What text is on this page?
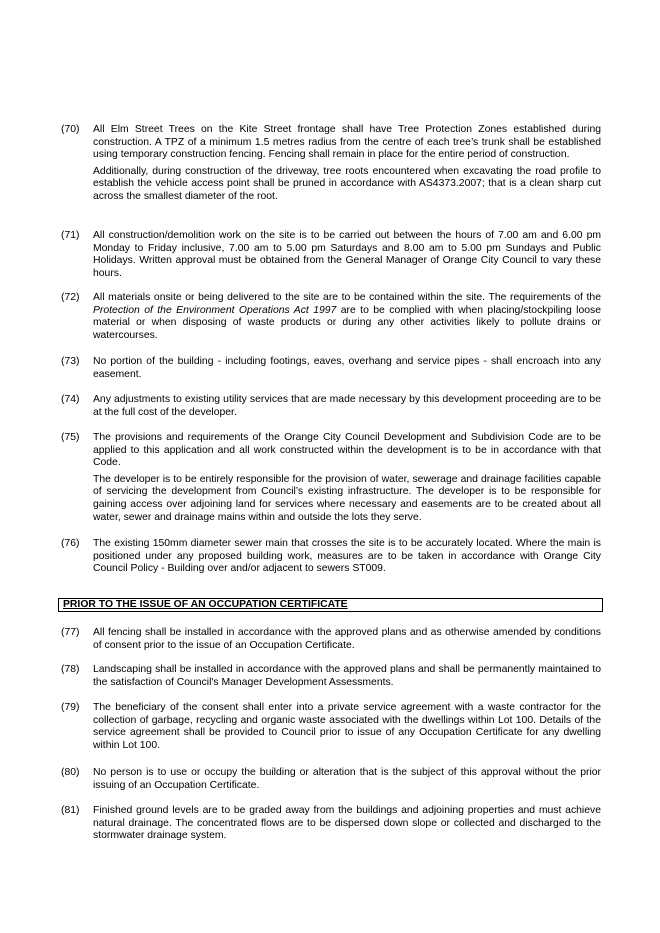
(70)	All Elm Street Trees on the Kite Street frontage shall have Tree Protection Zones established during construction. A TPZ of a minimum 1.5 metres radius from the centre of each tree’s trunk shall be established using temporary construction fencing. Fencing shall remain in place for the entire period of construction.

Additionally, during construction of the driveway, tree roots encountered when excavating the road profile to establish the vehicle access point shall be pruned in accordance with AS4373.2007; that is a clean sharp cut across the smallest diameter of the root.

(71)	All construction/demolition work on the site is to be carried out between the hours of 7.00 am and 6.00 pm Monday to Friday inclusive, 7.00 am to 5.00 pm Saturdays and 8.00 am to 5.00 pm Sundays and Public Holidays. Written approval must be obtained from the General Manager of Orange City Council to vary these hours.

(72)	All materials onsite or being delivered to the site are to be contained within the site. The requirements of the Protection of the Environment Operations Act 1997 are to be complied with when placing/stockpiling loose material or when disposing of waste products or during any other activities likely to pollute drains or watercourses.

(73)	No portion of the building - including footings, eaves, overhang and service pipes - shall encroach into any easement.

(74)	Any adjustments to existing utility services that are made necessary by this development proceeding are to be at the full cost of the developer.

(75)	The provisions and requirements of the Orange City Council Development and Subdivision Code are to be applied to this application and all work constructed within the development is to be in accordance with that Code.

The developer is to be entirely responsible for the provision of water, sewerage and drainage facilities capable of servicing the development from Council’s existing infrastructure. The developer is to be responsible for gaining access over adjoining land for services where necessary and easements are to be created about all water, sewer and drainage mains within and outside the lots they serve.

(76)	The existing 150mm diameter sewer main that crosses the site is to be accurately located. Where the main is positioned under any proposed building work, measures are to be taken in accordance with Orange City Council Policy - Building over and/or adjacent to sewers ST009.

PRIOR TO THE ISSUE OF AN OCCUPATION CERTIFICATE
(77)	All fencing shall be installed in accordance with the approved plans and as otherwise amended by conditions of consent prior to the issue of an Occupation Certificate.

(78)	Landscaping shall be installed in accordance with the approved plans and shall be permanently maintained to the satisfaction of Council's Manager Development Assessments.

(79)	The beneficiary of the consent shall enter into a private service agreement with a waste contractor for the collection of garbage, recycling and organic waste associated with the dwellings within Lot 100. Details of the service agreement shall be provided to Council prior to issue of any Occupation Certificate for any dwelling within Lot 100.

(80)	No person is to use or occupy the building or alteration that is the subject of this approval without the prior issuing of an Occupation Certificate.

(81)	Finished ground levels are to be graded away from the buildings and adjoining properties and must achieve natural drainage. The concentrated flows are to be dispersed down slope or collected and discharged to the stormwater drainage system.
